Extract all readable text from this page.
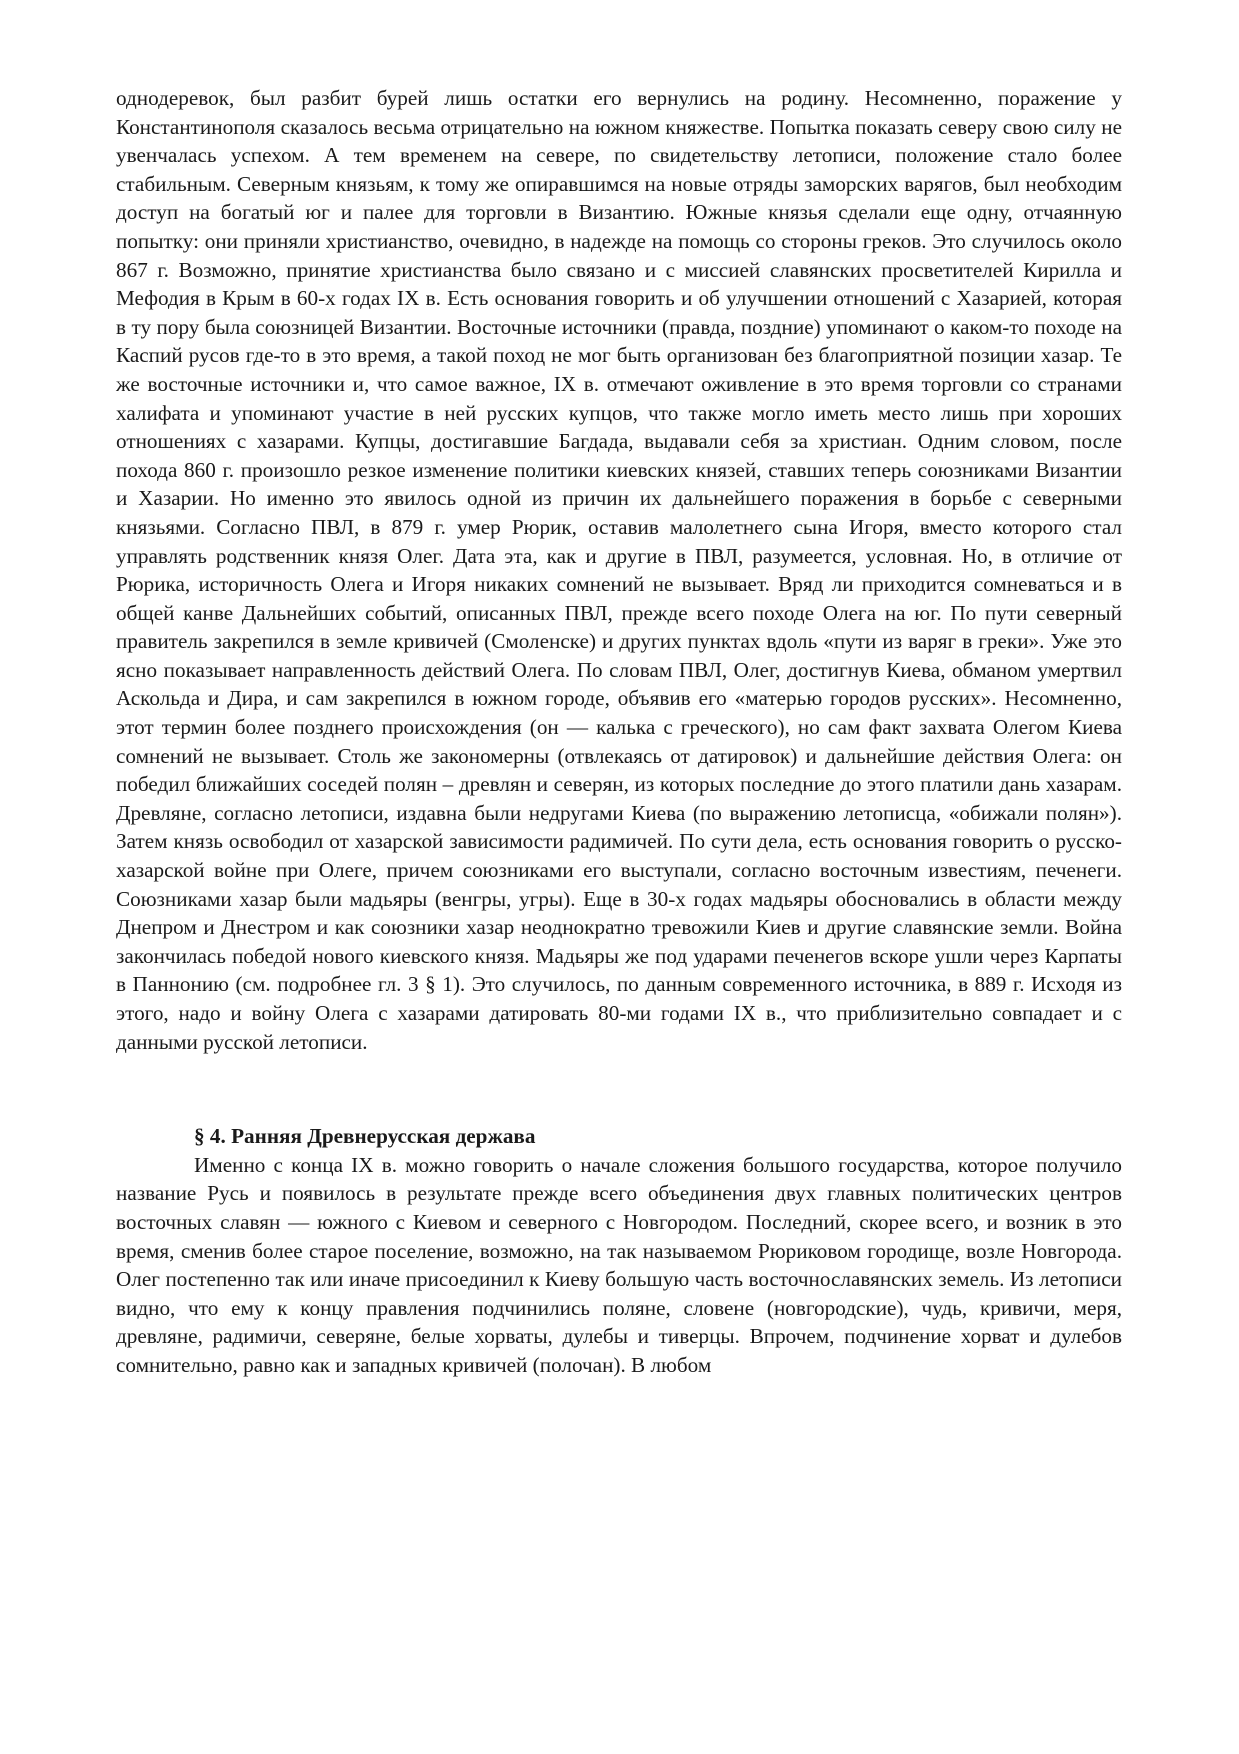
однодеревок, был разбит бурей лишь остатки его вернулись на родину. Несомненно, поражение у Константинополя сказалось весьма отрицательно на южном княжестве. Попытка показать северу свою силу не увенчалась успехом. А тем временем на севере, по свидетельству летописи, положение стало более стабильным. Северным князьям, к тому же опиравшимся на новые отряды заморских варягов, был необходим доступ на богатый юг и палее для торговли в Византию. Южные князья сделали еще одну, отчаянную попытку: они приняли христианство, очевидно, в надежде на помощь со стороны греков. Это случилось около 867 г. Возможно, принятие христианства было связано и с миссией славянских просветителей Кирилла и Мефодия в Крым в 60-х годах IX в. Есть основания говорить и об улучшении отношений с Хазарией, которая в ту пору была союзницей Византии. Восточные источники (правда, поздние) упоминают о каком-то походе на Каспий русов где-то в это время, а такой поход не мог быть организован без благоприятной позиции хазар. Те же восточные источники и, что самое важное, IX в. отмечают оживление в это время торговли со странами халифата и упоминают участие в ней русских купцов, что также могло иметь место лишь при хороших отношениях с хазарами. Купцы, достигавшие Багдада, выдавали себя за христиан. Одним словом, после похода 860 г. произошло резкое изменение политики киевских князей, ставших теперь союзниками Византии и Хазарии. Но именно это явилось одной из причин их дальнейшего поражения в борьбе с северными князьями. Согласно ПВЛ, в 879 г. умер Рюрик, оставив малолетнего сына Игоря, вместо которого стал управлять родственник князя Олег. Дата эта, как и другие в ПВЛ, разумеется, условная. Но, в отличие от Рюрика, историчность Олега и Игоря никаких сомнений не вызывает. Вряд ли приходится сомневаться и в общей канве Дальнейших событий, описанных ПВЛ, прежде всего походе Олега на юг. По пути северный правитель закрепился в земле кривичей (Смоленске) и других пунктах вдоль «пути из варяг в греки». Уже это ясно показывает направленность действий Олега. По словам ПВЛ, Олег, достигнув Киева, обманом умертвил Аскольда и Дира, и сам закрепился в южном городе, объявив его «матерью городов русских». Несомненно, этот термин более позднего происхождения (он — калька с греческого), но сам факт захвата Олегом Киева сомнений не вызывает. Столь же закономерны (отвлекаясь от датировок) и дальнейшие действия Олега: он победил ближайших соседей полян – древлян и северян, из которых последние до этого платили дань хазарам. Древляне, согласно летописи, издавна были недругами Киева (по выражению летописца, «обижали полян»). Затем князь освободил от хазарской зависимости радимичей. По сути дела, есть основания говорить о русско-хазарской войне при Олеге, причем союзниками его выступали, согласно восточным известиям, печенеги. Союзниками хазар были мадьяры (венгры, угры). Еще в 30-х годах мадьяры обосновались в области между Днепром и Днестром и как союзники хазар неоднократно тревожили Киев и другие славянские земли. Война закончилась победой нового киевского князя. Мадьяры же под ударами печенегов вскоре ушли через Карпаты в Паннонию (см. подробнее гл. 3 § 1). Это случилось, по данным современного источника, в 889 г. Исходя из этого, надо и войну Олега с хазарами датировать 80-ми годами IX в., что приблизительно совпадает и с данными русской летописи.

§ 4. Ранняя Древнерусская держава

Именно с конца IX в. можно говорить о начале сложения большого государства, которое получило название Русь и появилось в результате прежде всего объединения двух главных политических центров восточных славян — южного с Киевом и северного с Новгородом. Последний, скорее всего, и возник в это время, сменив более старое поселение, возможно, на так называемом Рюриковом городище, возле Новгорода. Олег постепенно так или иначе присоединил к Киеву большую часть восточнославянских земель. Из летописи видно, что ему к концу правления подчинились поляне, словене (новгородские), чудь, кривичи, меря, древляне, радимичи, северяне, белые хорваты, дулебы и тиверцы. Впрочем, подчинение хорват и дулебов сомнительно, равно как и западных кривичей (полочан). В любом
